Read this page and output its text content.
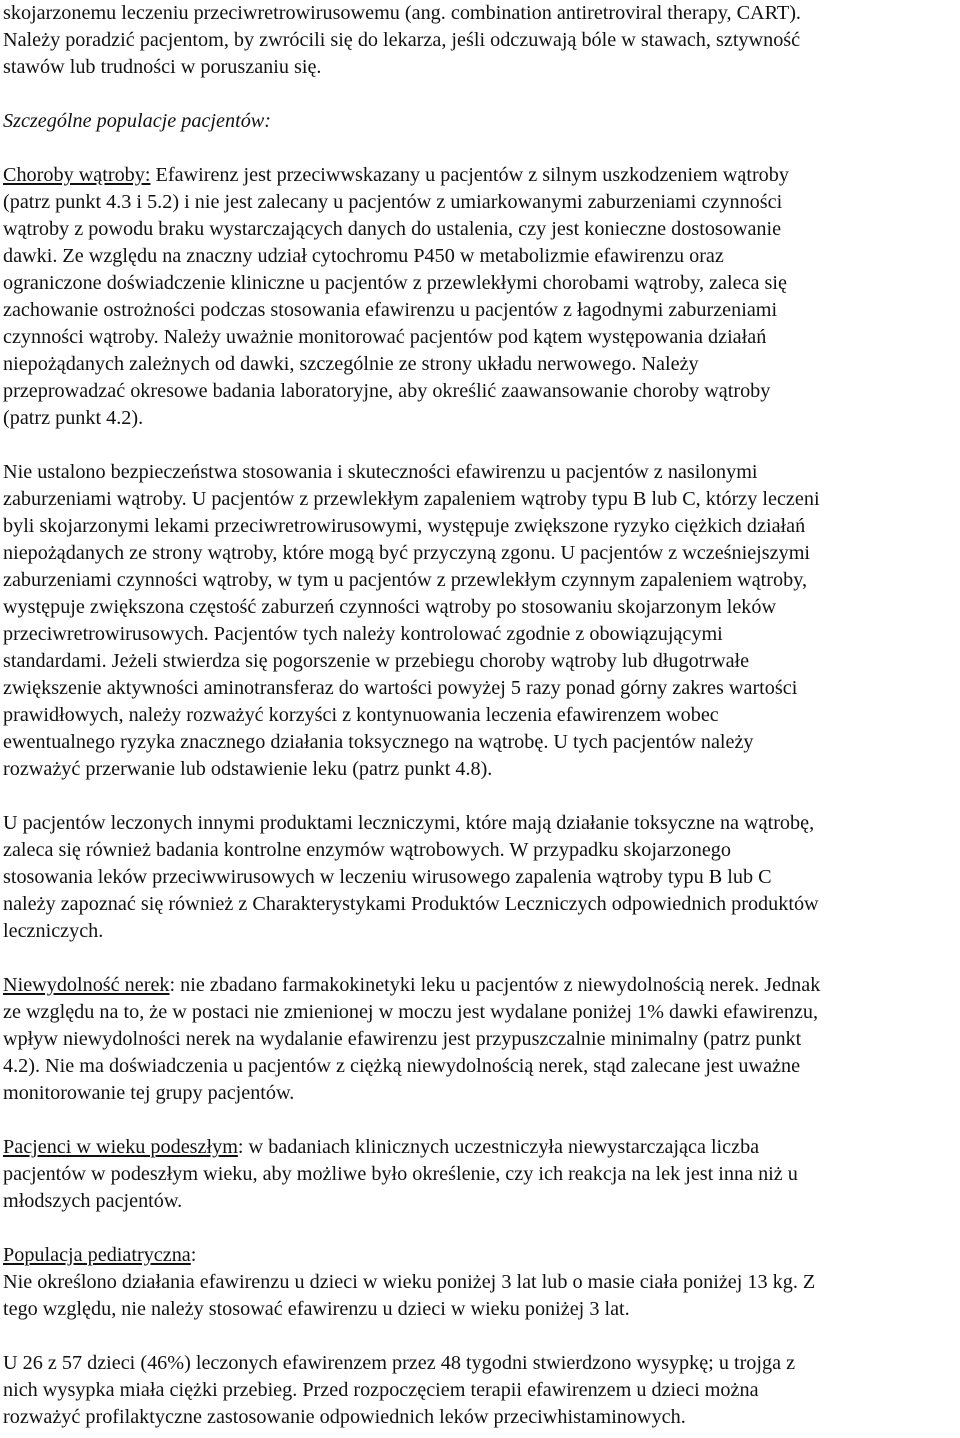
skojarzonemu leczeniu przeciwretrowirusowemu (ang. combination antiretroviral therapy, CART).
Należy poradzić pacjentom, by zwrócili się do lekarza, jeśli odczuwają bóle w stawach, sztywność
stawów lub trudności w poruszaniu się.

Szczególne populacje pacjentów:

Choroby wątroby: Efawirenz jest przeciwwskazany u pacjentów z silnym uszkodzeniem wątroby
(patrz punkt 4.3 i 5.2) i nie jest zalecany u pacjentów z umiarkowanymi zaburzeniami czynności
wątroby z powodu braku wystarczających danych do ustalenia, czy jest konieczne dostosowanie
dawki. Ze względu na znaczny udział cytochromu P450 w metabolizmie efawirenzu oraz
ograniczone doświadczenie kliniczne u pacjentów z przewlekłymi chorobami wątroby, zaleca się
zachowanie ostrożności podczas stosowania efawirenzu u pacjentów z łagodnymi zaburzeniami
czynności wątroby. Należy uważnie monitorować pacjentów pod kątem występowania działań
niepożądanych zależnych od dawki, szczególnie ze strony układu nerwowego. Należy
przeprowadzać okresowe badania laboratoryjne, aby określić zaawansowanie choroby wątroby
(patrz punkt 4.2).

Nie ustalono bezpieczeństwa stosowania i skuteczności efawirenzu u pacjentów z nasilonymi
zaburzeniami wątroby. U pacjentów z przewlekłym zapaleniem wątroby typu B lub C, którzy leczeni
byli skojarzonymi lekami przeciwretrowirusowymi, występuje zwiększone ryzyko ciężkich działań
niepożądanych ze strony wątroby, które mogą być przyczyną zgonu. U pacjentów z wcześniejszymi
zaburzeniami czynności wątroby, w tym u pacjentów z przewlekłym czynnym zapaleniem wątroby,
występuje zwiększona częstość zaburzeń czynności wątroby po stosowaniu skojarzonym leków
przeciwretrowirusowych. Pacjentów tych należy kontrolować zgodnie z obowiązującymi
standardami. Jeżeli stwierdza się pogorszenie w przebiegu choroby wątroby lub długotrwałe
zwiększenie aktywności aminotransferaz do wartości powyżej 5 razy ponad górny zakres wartości
prawidłowych, należy rozważyć korzyści z kontynuowania leczenia efawirenzem wobec
ewentualnego ryzyka znacznego działania toksycznego na wątrobę. U tych pacjentów należy
rozważyć przerwanie lub odstawienie leku (patrz punkt 4.8).

U pacjentów leczonych innymi produktami leczniczymi, które mają działanie toksyczne na wątrobę,
zaleca się również badania kontrolne enzymów wątrobowych. W przypadku skojarzonego
stosowania leków przeciwwirusowych w leczeniu wirusowego zapalenia wątroby typu B lub C
należy zapoznać się również z Charakterystykami Produktów Leczniczych odpowiednich produktów
leczniczych.

Niewydolność nerek: nie zbadano farmakokinetyki leku u pacjentów z niewydolnością nerek. Jednak
ze względu na to, że w postaci nie zmienionej w moczu jest wydalane poniżej 1% dawki efawirenzu,
wpływ niewydolności nerek na wydalanie efawirenzu jest przypuszczalnie minimalny (patrz punkt
4.2). Nie ma doświadczenia u pacjentów z ciężką niewydolnością nerek, stąd zalecane jest uważne
monitorowanie tej grupy pacjentów.

Pacjenci w wieku podeszłym: w badaniach klinicznych uczestniczyła niewystarczająca liczba
pacjentów w podeszłym wieku, aby możliwe było określenie, czy ich reakcja na lek jest inna niż u
młodszych pacjentów.

Populacja pediatryczna:

Nie określono działania efawirenzu u dzieci w wieku poniżej 3 lat lub o masie ciała poniżej 13 kg. Z
tego względu, nie należy stosować efawirenzu u dzieci w wieku poniżej 3 lat.

U 26 z 57 dzieci (46%) leczonych efawirenzem przez 48 tygodni stwierdzono wysypkę; u trojga z
nich wysypka miała ciężki przebieg. Przed rozpoczęciem terapii efawirenzem u dzieci można
rozważyć profilaktyczne zastosowanie odpowiednich leków przeciwhistaminowych.
